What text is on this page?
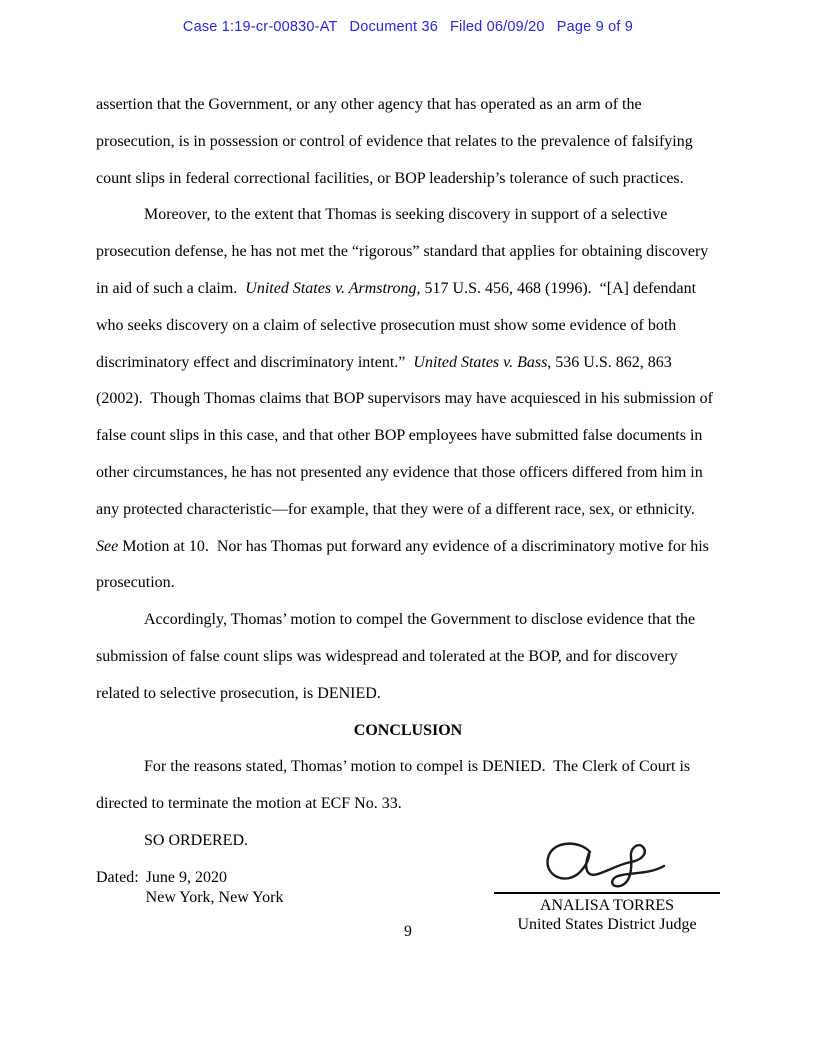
Case 1:19-cr-00830-AT Document 36 Filed 06/09/20 Page 9 of 9

assertion that the Government, or any other agency that has operated as an arm of the prosecution, is in possession or control of evidence that relates to the prevalence of falsifying count slips in federal correctional facilities, or BOP leadership’s tolerance of such practices.

Moreover, to the extent that Thomas is seeking discovery in support of a selective prosecution defense, he has not met the “rigorous” standard that applies for obtaining discovery in aid of such a claim.  United States v. Armstrong, 517 U.S. 456, 468 (1996).  “[A] defendant who seeks discovery on a claim of selective prosecution must show some evidence of both discriminatory effect and discriminatory intent.”  United States v. Bass, 536 U.S. 862, 863 (2002).  Though Thomas claims that BOP supervisors may have acquiesced in his submission of false count slips in this case, and that other BOP employees have submitted false documents in other circumstances, he has not presented any evidence that those officers differed from him in any protected characteristic—for example, that they were of a different race, sex, or ethnicity.  See Motion at 10.  Nor has Thomas put forward any evidence of a discriminatory motive for his prosecution.

Accordingly, Thomas’ motion to compel the Government to disclose evidence that the submission of false count slips was widespread and tolerated at the BOP, and for discovery related to selective prosecution, is DENIED.

CONCLUSION

For the reasons stated, Thomas’ motion to compel is DENIED.  The Clerk of Court is directed to terminate the motion at ECF No. 33.

SO ORDERED.

Dated: June 9, 2020
New York, New York	ANALISA TORRES
United States District Judge
9
